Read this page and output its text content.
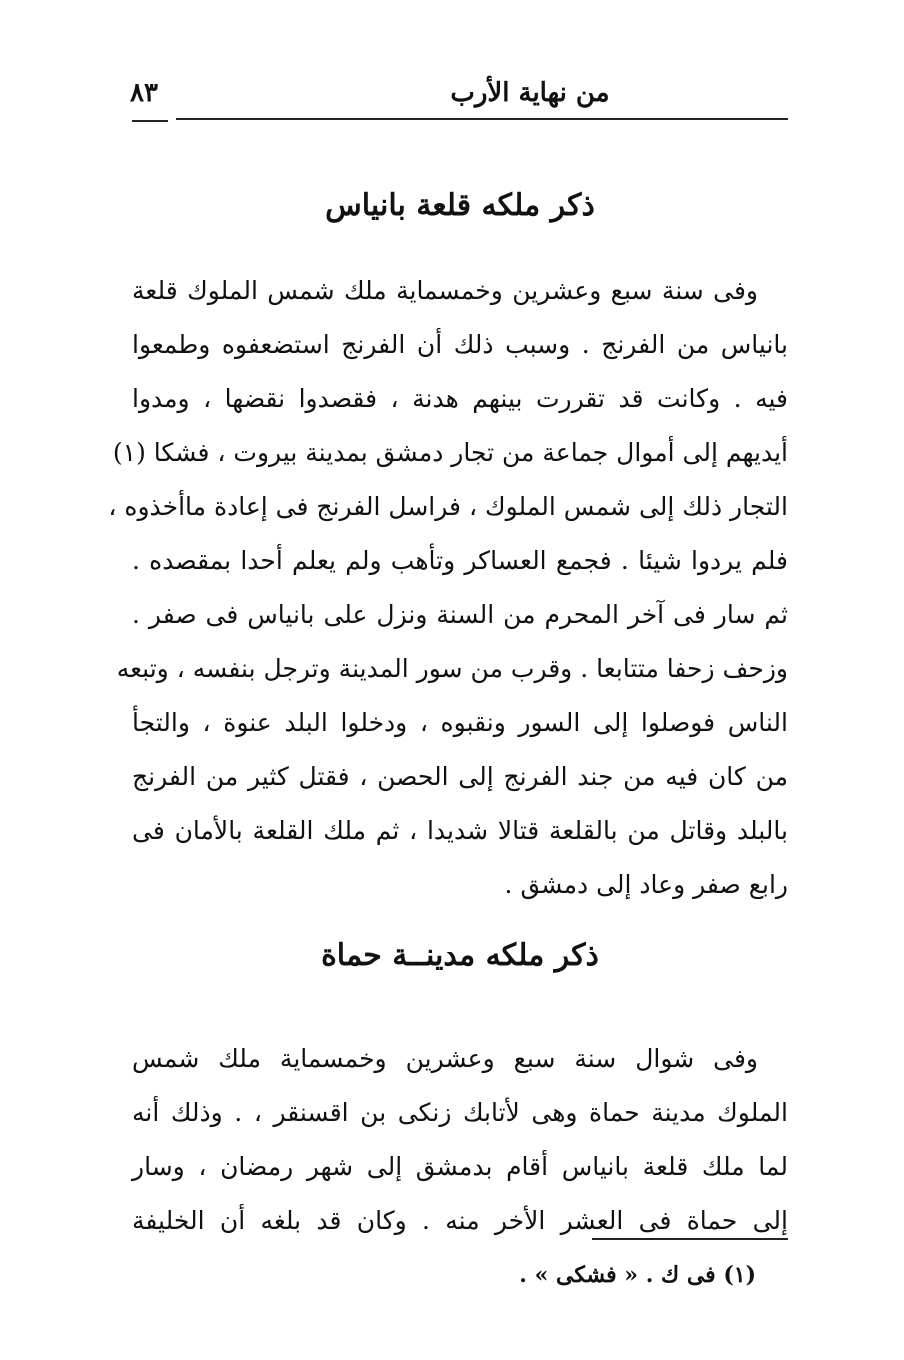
٨٣	من نهاية الأرب
ذكر ملكه قلعة بانياس
وفى سنة سبع وعشرين وخمسماية ملك شمس الملوك قلعة
بانياس من الفرنج . وسبب ذلك أن الفرنج استضعفوه وطمعوا
فيه . وكانت قد تقررت بينهم هدنة ، فقصدوا نقضها ، ومدوا
أيديهم إلى أموال جماعة من تجار دمشق بمدينة بيروت ، فشكا (١)
التجار ذلك إلى شمس الملوك ، فراسل الفرنج فى إعادة ماأخذوه ،
فلم يردوا شيئا . فجمع العساكر وتأهب ولم يعلم أحدا بمقصده .
ثم سار فى آخر المحرم من السنة ونزل على بانياس فى صفر .
وزحف زحفا متتابعا . وقرب من سور المدينة وترجل بنفسه ، وتبعه
الناس فوصلوا إلى السور ونقبوه ، ودخلوا البلد عنوة ، والتجأ
من كان فيه من جند الفرنج إلى الحصن ، فقتل كثير من الفرنج
بالبلد وقاتل من بالقلعة قتالا شديدا ، ثم ملك القلعة بالأمان فى
رابع صفر وعاد إلى دمشق .
ذكر ملكه مدينــة حماة
وفى شوال سنة سبع وعشرين وخمسماية ملك شمس
الملوك مدينة حماة وهى لأتابك زنكى بن اقسنقر ، . وذلك أنه
لما ملك قلعة بانياس أقام بدمشق إلى شهر رمضان ، وسار
إلى حماة فى العشر الأخر منه . وكان قد بلغه أن الخليفة
(١) فى ك . « فشكى » .
